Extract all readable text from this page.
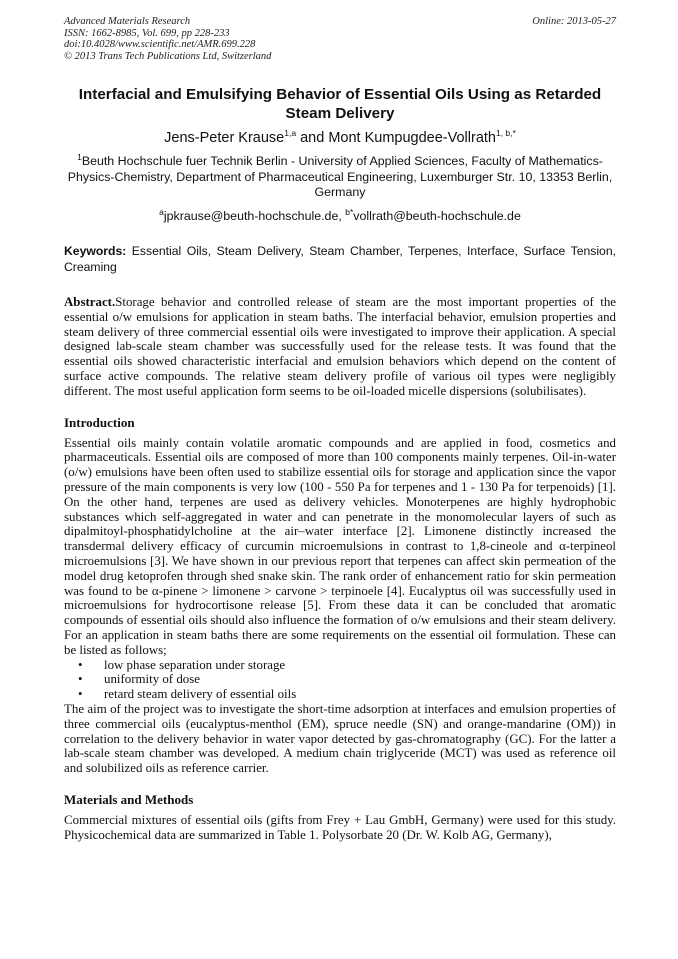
Advanced Materials Research
ISSN: 1662-8985, Vol. 699, pp 228-233
doi:10.4028/www.scientific.net/AMR.699.228
© 2013 Trans Tech Publications Ltd, Switzerland
Online: 2013-05-27
Interfacial and Emulsifying Behavior of Essential Oils Using as Retarded Steam Delivery
Jens-Peter Krause$^{1,a}$ and Mont Kumpugdee-Vollrath$^{1, b,*}$
$^1$Beuth Hochschule fuer Technik Berlin - University of Applied Sciences, Faculty of Mathematics-Physics-Chemistry, Department of Pharmaceutical Engineering, Luxemburger Str. 10, 13353 Berlin, Germany
$^a$jpkrause@beuth-hochschule.de, $^{b*}$vollrath@beuth-hochschule.de
Keywords: Essential Oils, Steam Delivery, Steam Chamber, Terpenes, Interface, Surface Tension, Creaming

Abstract.Storage behavior and controlled release of steam are the most important properties of the essential o/w emulsions for application in steam baths. The interfacial behavior, emulsion properties and steam delivery of three commercial essential oils were investigated to improve their application. A special designed lab-scale steam chamber was successfully used for the release tests. It was found that the essential oils showed characteristic interfacial and emulsion behaviors which depend on the content of surface active compounds. The relative steam delivery profile of various oil types were negligibly different. The most useful application form seems to be oil-loaded micelle dispersions (solubilisates).

Introduction

Essential oils mainly contain volatile aromatic compounds and are applied in food, cosmetics and pharmaceuticals. Essential oils are composed of more than 100 components mainly terpenes. Oil-in-water (o/w) emulsions have been often used to stabilize essential oils for storage and application since the vapor pressure of the main components is very low (100 - 550 Pa for terpenes and 1 - 130 Pa for terpenoids) [1]. On the other hand, terpenes are used as delivery vehicles. Monoterpenes are highly hydrophobic substances which self-aggregated in water and can penetrate in the monomolecular layers of such as dipalmitoyl-phosphatidylcholine at the air–water interface [2]. Limonene distinctly increased the transdermal delivery efficacy of curcumin microemulsions in contrast to 1,8-cineole and α-terpineol microemulsions [3]. We have shown in our previous report that terpenes can affect skin permeation of the model drug ketoprofen through shed snake skin. The rank order of enhancement ratio for skin permeation was found to be α-pinene > limonene > carvone > terpinoele [4]. Eucalyptus oil was successfully used in microemulsions for hydrocortisone release [5]. From these data it can be concluded that aromatic compounds of essential oils should also influence the formation of o/w emulsions and their steam delivery. For an application in steam baths there are some requirements on the essential oil formulation. These can be listed as follows;

• low phase separation under storage
• uniformity of dose
• retard steam delivery of essential oils

The aim of the project was to investigate the short-time adsorption at interfaces and emulsion properties of three commercial oils (eucalyptus-menthol (EM), spruce needle (SN) and orange-mandarine (OM)) in correlation to the delivery behavior in water vapor detected by gas-chromatography (GC). For the latter a lab-scale steam chamber was developed. A medium chain triglyceride (MCT) was used as reference oil and solubilized oils as reference carrier.

Materials and Methods

Commercial mixtures of essential oils (gifts from Frey + Lau GmbH, Germany) were used for this study. Physicochemical data are summarized in Table 1. Polysorbate 20 (Dr. W. Kolb AG, Germany),
